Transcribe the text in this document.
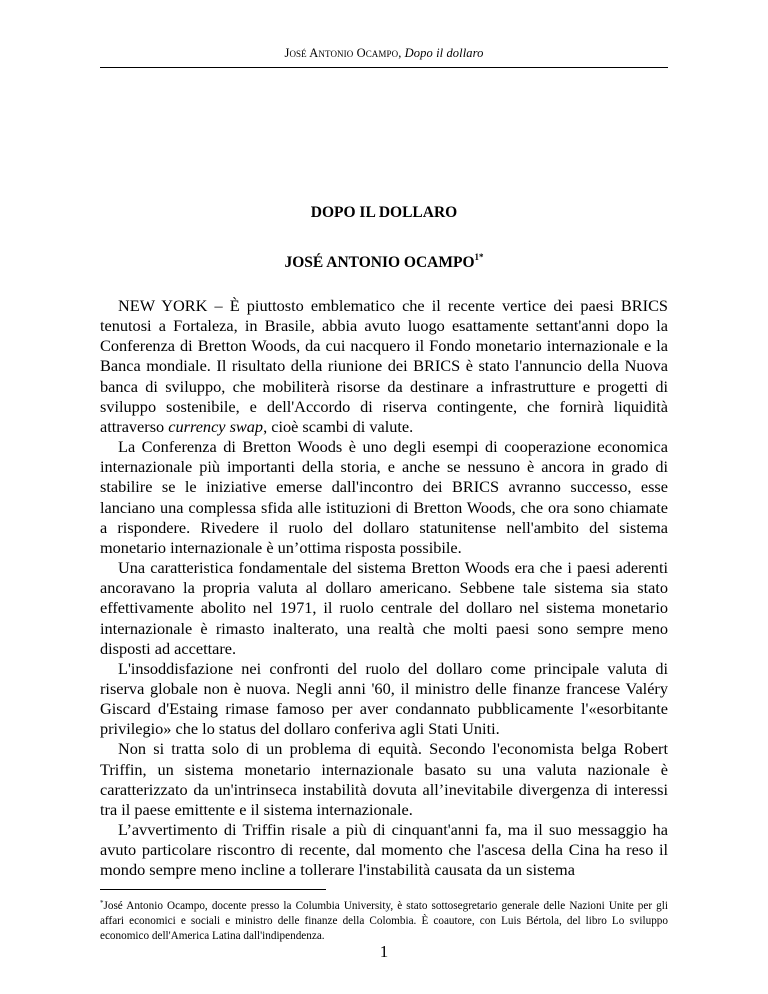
José Antonio Ocampo, Dopo il dollaro
DOPO IL DOLLARO
JOSÉ ANTONIO $OCAMPO^{1*}$

NEW YORK – È piuttosto emblematico che il recente vertice dei paesi BRICS tenutosi a Fortaleza, in Brasile, abbia avuto luogo esattamente settant'anni dopo la Conferenza di Bretton Woods, da cui nacquero il Fondo monetario internazionale e la Banca mondiale. Il risultato della riunione dei BRICS è stato l'annuncio della Nuova banca di sviluppo, che mobiliterà risorse da destinare a infrastrutture e progetti di sviluppo sostenibile, e dell'Accordo di riserva contingente, che fornirà liquidità attraverso currency swap, cioè scambi di valute.

La Conferenza di Bretton Woods è uno degli esempi di cooperazione economica internazionale più importanti della storia, e anche se nessuno è ancora in grado di stabilire se le iniziative emerse dall'incontro dei BRICS avranno successo, esse lanciano una complessa sfida alle istituzioni di Bretton Woods, che ora sono chiamate a rispondere. Rivedere il ruolo del dollaro statunitense nell'ambito del sistema monetario internazionale è un’ottima risposta possibile.

Una caratteristica fondamentale del sistema Bretton Woods era che i paesi aderenti ancoravano la propria valuta al dollaro americano. Sebbene tale sistema sia stato effettivamente abolito nel 1971, il ruolo centrale del dollaro nel sistema monetario internazionale è rimasto inalterato, una realtà che molti paesi sono sempre meno disposti ad accettare.

L'insoddisfazione nei confronti del ruolo del dollaro come principale valuta di riserva globale non è nuova. Negli anni '60, il ministro delle finanze francese Valéry Giscard d'Estaing rimase famoso per aver condannato pubblicamente l'«esorbitante privilegio» che lo status del dollaro conferiva agli Stati Uniti.

Non si tratta solo di un problema di equità. Secondo l'economista belga Robert Triffin, un sistema monetario internazionale basato su una valuta nazionale è caratterizzato da un'intrinseca instabilità dovuta all’inevitabile divergenza di interessi tra il paese emittente e il sistema internazionale.

L’avvertimento di Triffin risale a più di cinquant'anni fa, ma il suo messaggio ha avuto particolare riscontro di recente, dal momento che l'ascesa della Cina ha reso il mondo sempre meno incline a tollerare l'instabilità causata da un sistema

*José Antonio Ocampo, docente presso la Columbia University, è stato sottosegretario generale delle Nazioni Unite per gli affari economici e sociali e ministro delle finanze della Colombia. È coautore, con Luis Bértola, del libro Lo sviluppo economico dell'America Latina dall'indipendenza.
1
